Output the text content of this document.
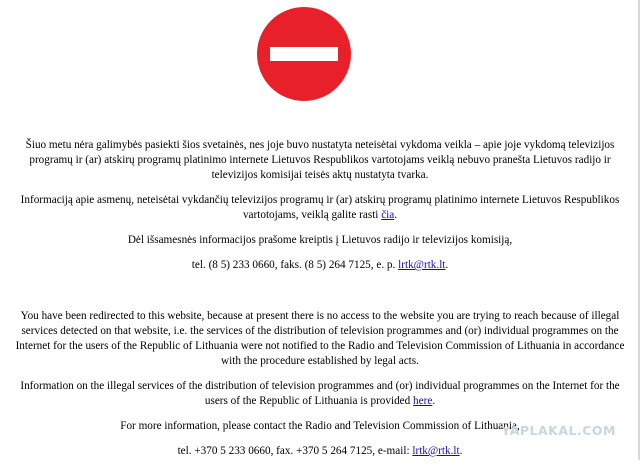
Šiuo metu nėra galimybės pasiekti šios svetainės, nes joje buvo nustatyta neteisėtai vykdoma veikla – apie joje vykdomą televizijos programų ir (ar) atskirų programų platinimo internete Lietuvos Respublikos vartotojams veiklą nebuvo pranešta Lietuvos radijo ir televizijos komisijai teisės aktų nustatyta tvarka.

Informaciją apie asmenų, neteisėtai vykdančių televizijos programų ir (ar) atskirų programų platinimo internete Lietuvos Respublikos vartotojams, veiklą galite rasti čia.

Dėl išsamesnės informacijos prašome kreiptis į Lietuvos radijo ir televizijos komisiją,

tel. (8 5) 233 0660, faks. (8 5) 264 7125, e. p. lrtk@rtk.lt.

You have been redirected to this website, because at present there is no access to the website you are trying to reach because of illegal services detected on that website, i.e. the services of the distribution of television programmes and (or) individual programmes on the Internet for the users of the Republic of Lithuania were not notified to the Radio and Television Commission of Lithuania in accordance with the procedure established by legal acts.

Information on the illegal services of the distribution of television programmes and (or) individual programmes on the Internet for the users of the Republic of Lithuania is provided here.

For more information, please contact the Radio and Television Commission of Lithuania,

tel. +370 5 233 0660, fax. +370 5 264 7125, e-mail: lrtk@rtk.lt.

YAPLAKAL.COM
